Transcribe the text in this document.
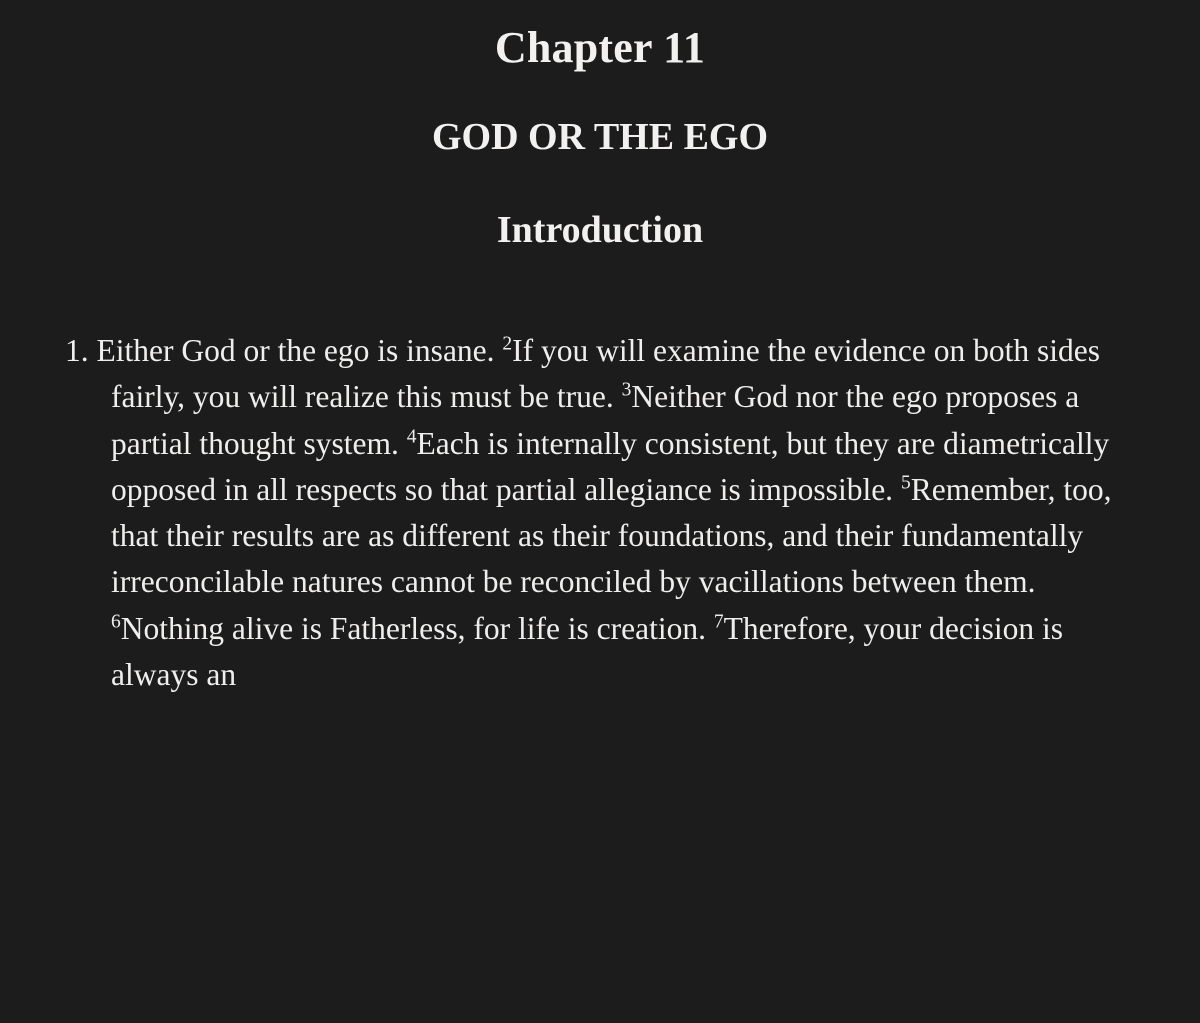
Chapter 11
GOD OR THE EGO
Introduction

1. Either God or the ego is insane. $^2$If you will examine the evidence on both sides fairly, you will realize this must be true. $^3$Neither God nor the ego proposes a partial thought system. $^4$Each is internally consistent, but they are diametrically opposed in all respects so that partial allegiance is impossible. $^5$Remember, too, that their results are as different as their foundations, and their fundamentally irreconcilable natures cannot be reconciled by vacillations between them. $^6$Nothing alive is Fatherless, for life is creation. $^7$Therefore, your decision is always an
